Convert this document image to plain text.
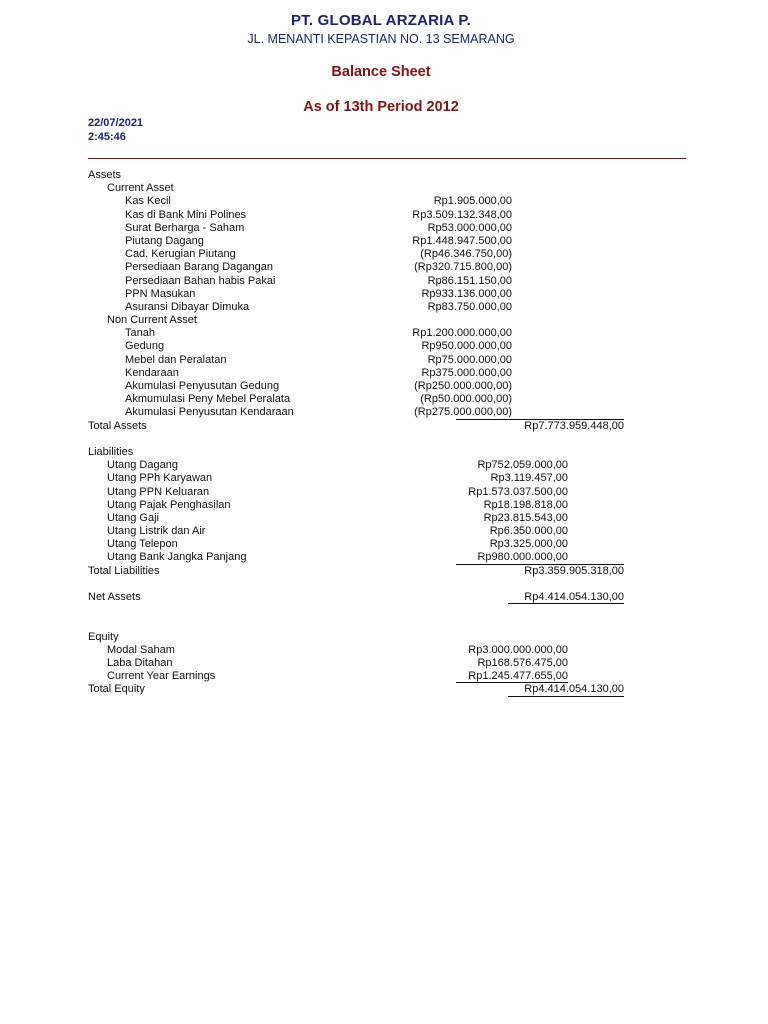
PT. GLOBAL ARZARIA P.
JL. MENANTI KEPASTIAN NO. 13 SEMARANG
Balance Sheet
As of 13th Period 2012
22/07/2021
2:45:46
Assets
Current Asset
Kas Kecil	Rp1.905.000,00
Kas di Bank Mini Polines	Rp3.509.132.348,00
Surat Berharga - Saham	Rp53.000.000,00
Piutang Dagang	Rp1.448.947.500,00
Cad. Kerugian Piutang	(Rp46.346.750,00)
Persediaan Barang Dagangan	(Rp320.715.800,00)
Persediaan Bahan habis Pakai	Rp86.151.150,00
PPN Masukan	Rp933.136.000,00
Asuransi Dibayar Dimuka	Rp83.750.000,00
Non Current Asset
Tanah	Rp1.200.000.000,00
Gedung	Rp950.000.000,00
Mebel dan Peralatan	Rp75.000.000,00
Kendaraan	Rp375.000.000,00
Akumulasi Penyusutan Gedung	(Rp250.000.000,00)
Akmumulasi Peny Mebel Peralata	(Rp50.000.000,00)
Akumulasi Penyusutan Kendaraan	(Rp275.000.000,00)
Total Assets	Rp7.773.959.448,00
Liabilities
Utang Dagang	Rp752.059.000,00
Utang PPh Karyawan	Rp3.119.457,00
Utang PPN Keluaran	Rp1.573.037.500,00
Utang Pajak Penghasilan	Rp18.198.818,00
Utang Gaji	Rp23.815.543,00
Utang Listrik dan Air	Rp6.350.000,00
Utang Telepon	Rp3.325.000,00
Utang Bank Jangka Panjang	Rp980.000.000,00
Total Liabilities	Rp3.359.905.318,00
Net Assets	Rp4.414.054.130,00
Equity
Modal Saham	Rp3.000.000.000,00
Laba Ditahan	Rp168.576.475,00
Current Year Earnings	Rp1.245.477.655,00
Total Equity	Rp4.414.054.130,00
